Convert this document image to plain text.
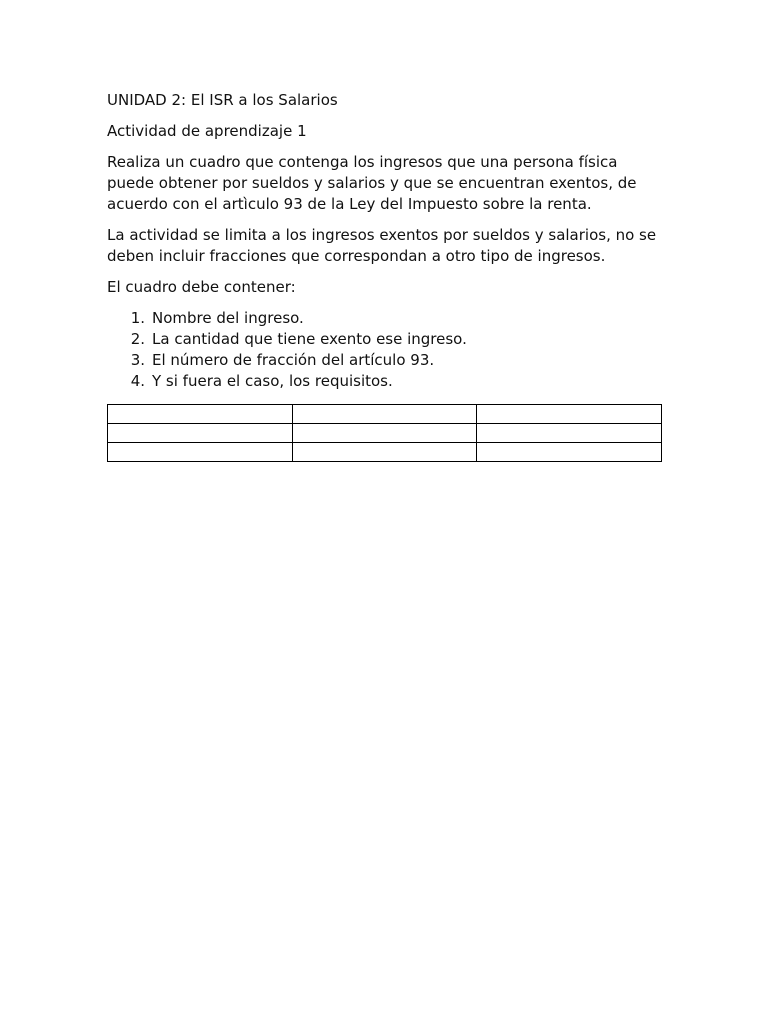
UNIDAD 2: El ISR a los Salarios

Actividad de aprendizaje 1

Realiza un cuadro que contenga los ingresos que una persona física puede obtener por sueldos y salarios y que se encuentran exentos, de acuerdo con el artìculo 93 de la Ley del Impuesto sobre la renta.

La actividad se limita a los ingresos exentos por sueldos y salarios, no se deben incluir fracciones que correspondan a otro tipo de ingresos.

El cuadro debe contener:

1. Nombre del ingreso.
2. La cantidad que tiene exento ese ingreso.
3. El número de fracción del artículo 93.
4. Y si fuera el caso, los requisitos.
